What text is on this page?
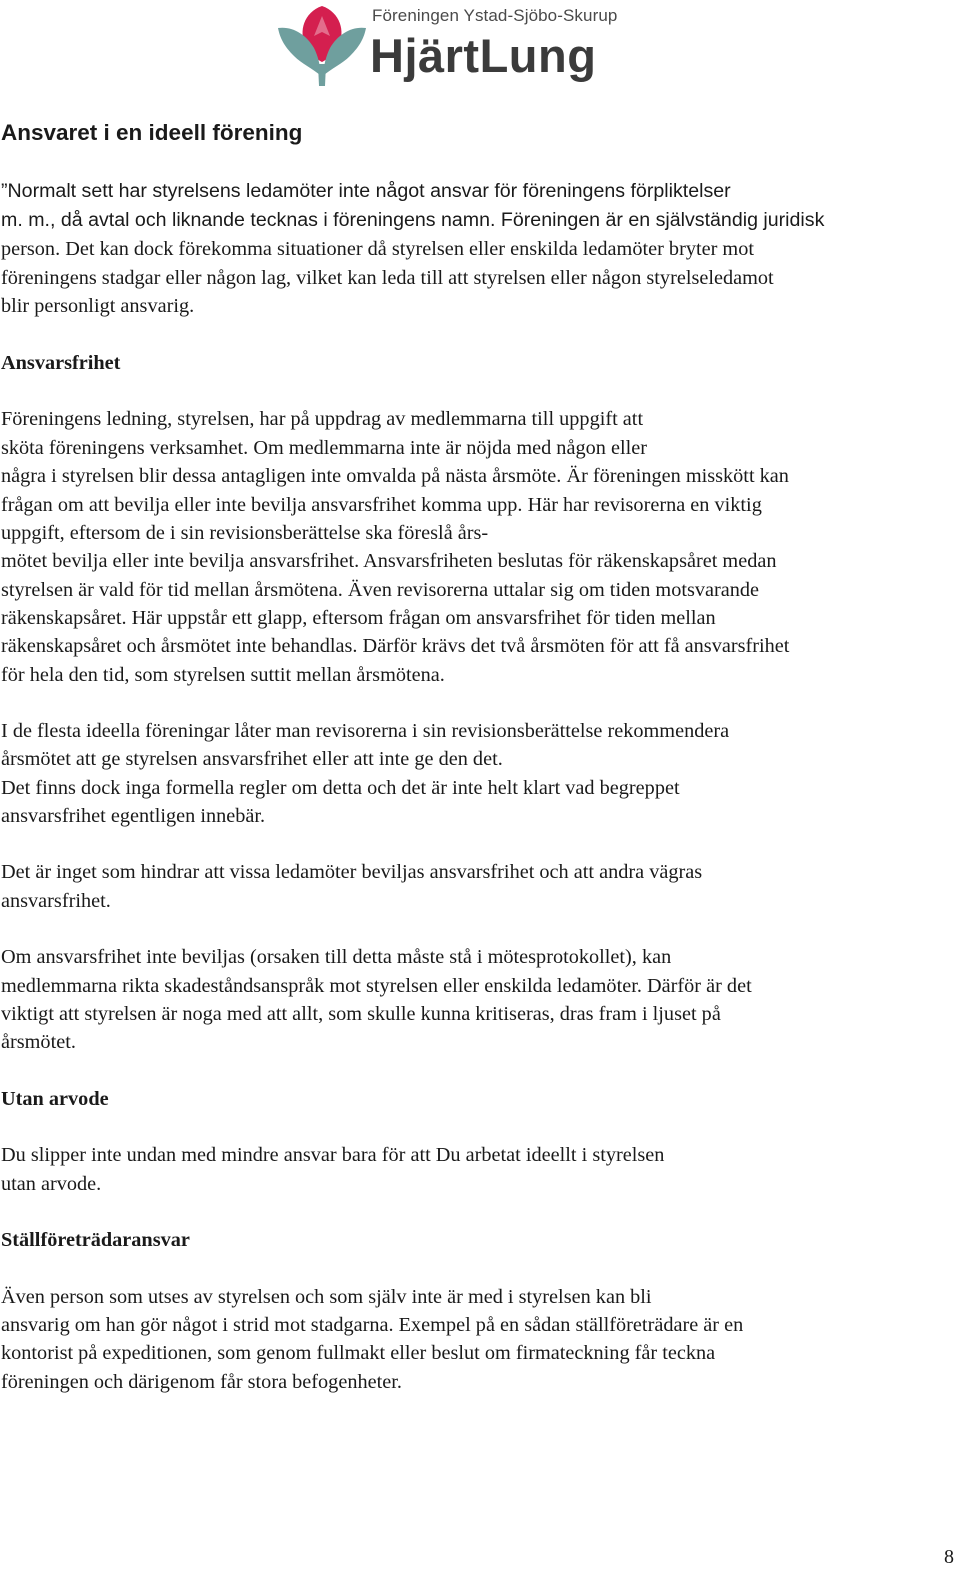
Föreningen Ystad-Sjöbo-Skurup
HjärtLung
Ansvaret i en ideell förening
”Normalt sett har styrelsens ledamöter inte något ansvar för föreningens förpliktelser
m. m., då avtal och liknande tecknas i föreningens namn. Föreningen är en självständig juridisk
person. Det kan dock förekomma situationer då styrelsen eller enskilda ledamöter bryter mot
föreningens stadgar eller någon lag, vilket kan leda till att styrelsen eller någon styrelseledamot
blir personligt ansvarig.
Ansvarsfrihet
Föreningens ledning, styrelsen, har på uppdrag av medlemmarna till uppgift att
sköta föreningens verksamhet. Om medlemmarna inte är nöjda med någon eller
några i styrelsen blir dessa antagligen inte omvalda på nästa årsmöte. Är föreningen misskött kan
frågan om att bevilja eller inte bevilja ansvarsfrihet komma upp. Här har revisorerna en viktig
uppgift, eftersom de i sin revisionsberättelse ska föreslå års-
mötet bevilja eller inte bevilja ansvarsfrihet. Ansvarsfriheten beslutas för räkenskapsåret medan
styrelsen är vald för tid mellan årsmötena. Även revisorerna uttalar sig om tiden motsvarande
räkenskapsåret. Här uppstår ett glapp, eftersom frågan om ansvarsfrihet för tiden mellan
räkenskapsåret och årsmötet inte behandlas. Därför krävs det två årsmöten för att få ansvarsfrihet
för hela den tid, som styrelsen suttit mellan årsmötena.
I de flesta ideella föreningar låter man revisorerna i sin revisionsberättelse rekommendera
årsmötet att ge styrelsen ansvarsfrihet eller att inte ge den det.
Det finns dock inga formella regler om detta och det är inte helt klart vad begreppet
ansvarsfrihet egentligen innebär.
Det är inget som hindrar att vissa ledamöter beviljas ansvarsfrihet och att andra vägras
ansvarsfrihet.
Om ansvarsfrihet inte beviljas (orsaken till detta måste stå i mötesprotokollet), kan
medlemmarna rikta skadeståndsanspråk mot styrelsen eller enskilda ledamöter. Därför är det
viktigt att styrelsen är noga med att allt, som skulle kunna kritiseras, dras fram i ljuset på
årsmötet.
Utan arvode
Du slipper inte undan med mindre ansvar bara för att Du arbetat ideellt i styrelsen
utan arvode.
Ställföreträdaransvar
Även person som utses av styrelsen och som själv inte är med i styrelsen kan bli
ansvarig om han gör något i strid mot stadgarna. Exempel på en sådan ställföreträdare är en
kontorist på expeditionen, som genom fullmakt eller beslut om firmateckning får teckna
föreningen och därigenom får stora befogenheter.
8
